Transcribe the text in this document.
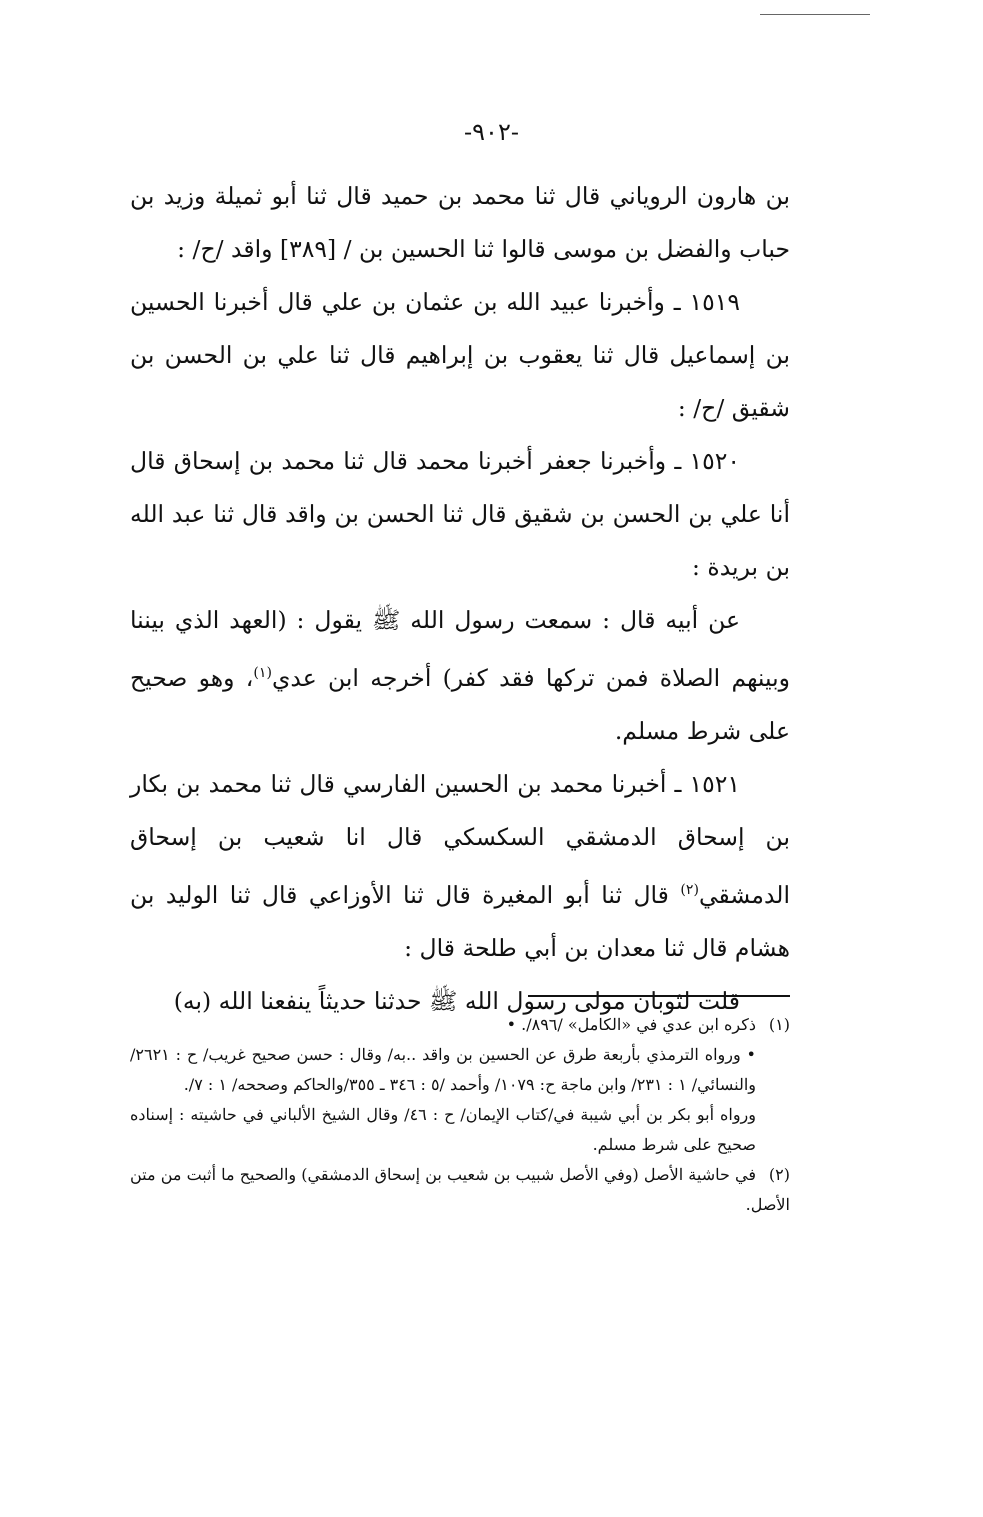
-٩٠٢-

بن هارون الروياني قال ثنا محمد بن حميد قال ثنا أبو ثميلة وزيد بن حباب والفضل بن موسى قالوا ثنا الحسين بن / [٣٨٩] واقد /ح/ :

١٥١٩ ـ وأخبرنا عبيد الله بن عثمان بن علي قال أخبرنا الحسين بن إسماعيل قال ثنا يعقوب بن إبراهيم قال ثنا علي بن الحسن بن شقيق /ح/ :

١٥٢٠ ـ وأخبرنا جعفر أخبرنا محمد قال ثنا محمد بن إسحاق قال أنا علي بن الحسن بن شقيق قال ثنا الحسن بن واقد قال ثنا عبد الله بن بريدة :

عن أبيه قال : سمعت رسول الله ﷺ يقول : (العهد الذي بيننا وبينهم الصلاة فمن تركها فقد كفر) أخرجه ابن عدي$^{(١)}$، وهو صحيح على شرط مسلم.

١٥٢١ ـ أخبرنا محمد بن الحسين الفارسي قال ثنا محمد بن بكار بن إسحاق الدمشقي السكسكي قال انا شعيب بن إسحاق الدمشقي$^{(٢)}$ قال ثنا أبو المغيرة قال ثنا الأوزاعي قال ثنا الوليد بن هشام قال ثنا معدان بن أبي طلحة قال :

قلت لثوبان مولى رسول الله ﷺ حدثنا حديثاً ينفعنا الله (به)

(١)ذكره ابن عدي في «الكامل» /٨٩٦/. •

• ورواه الترمذي بأربعة طرق عن الحسين بن واقد ..به/ وقال : حسن صحيح غريب/ ح : ٢٦٢١/ والنسائي/ ١ : ٢٣١/ وابن ماجة ح: ١٠٧٩/ وأحمد /٥ : ٣٤٦ ـ ٣٥٥/والحاكم وصححه/ ١ : ٧/.

ورواه أبو بكر بن أبي شيبة في/كتاب الإيمان/ ح : ٤٦/ وقال الشيخ الألباني في حاشيته : إسناده صحيح على شرط مسلم.

(٢)في حاشية الأصل (وفي الأصل شبيب بن شعيب بن إسحاق الدمشقي) والصحيح ما أثبت من متن الأصل.
